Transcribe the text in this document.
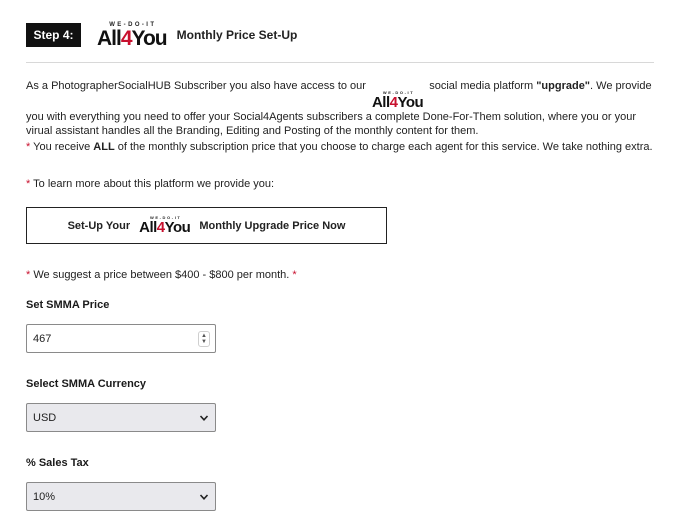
Step 4:
WE-DO-IT
All4You Monthly Price Set-Up

As a PhotographerSocialHUB Subscriber you also have access to our
WE-DO-IT
All4You
social media platform "upgrade". We provide you with everything you need to offer your Social4Agents subscribers a complete Done-For-Them solution, where you or your virual assistant handles all the Branding, Editing and Posting of the monthly content for them.

* You receive ALL of the monthly subscription price that you choose to charge each agent for this service. We take nothing extra.

* To learn more about this platform we provide you:

Set-Up Your
WE-DO-IT
All4You Monthly Upgrade Price Now

* We suggest a price between $400 - $800 per month. *

Set SMMA Price
467	▲
▼
Select SMMA Currency
USD
% Sales Tax
10%
